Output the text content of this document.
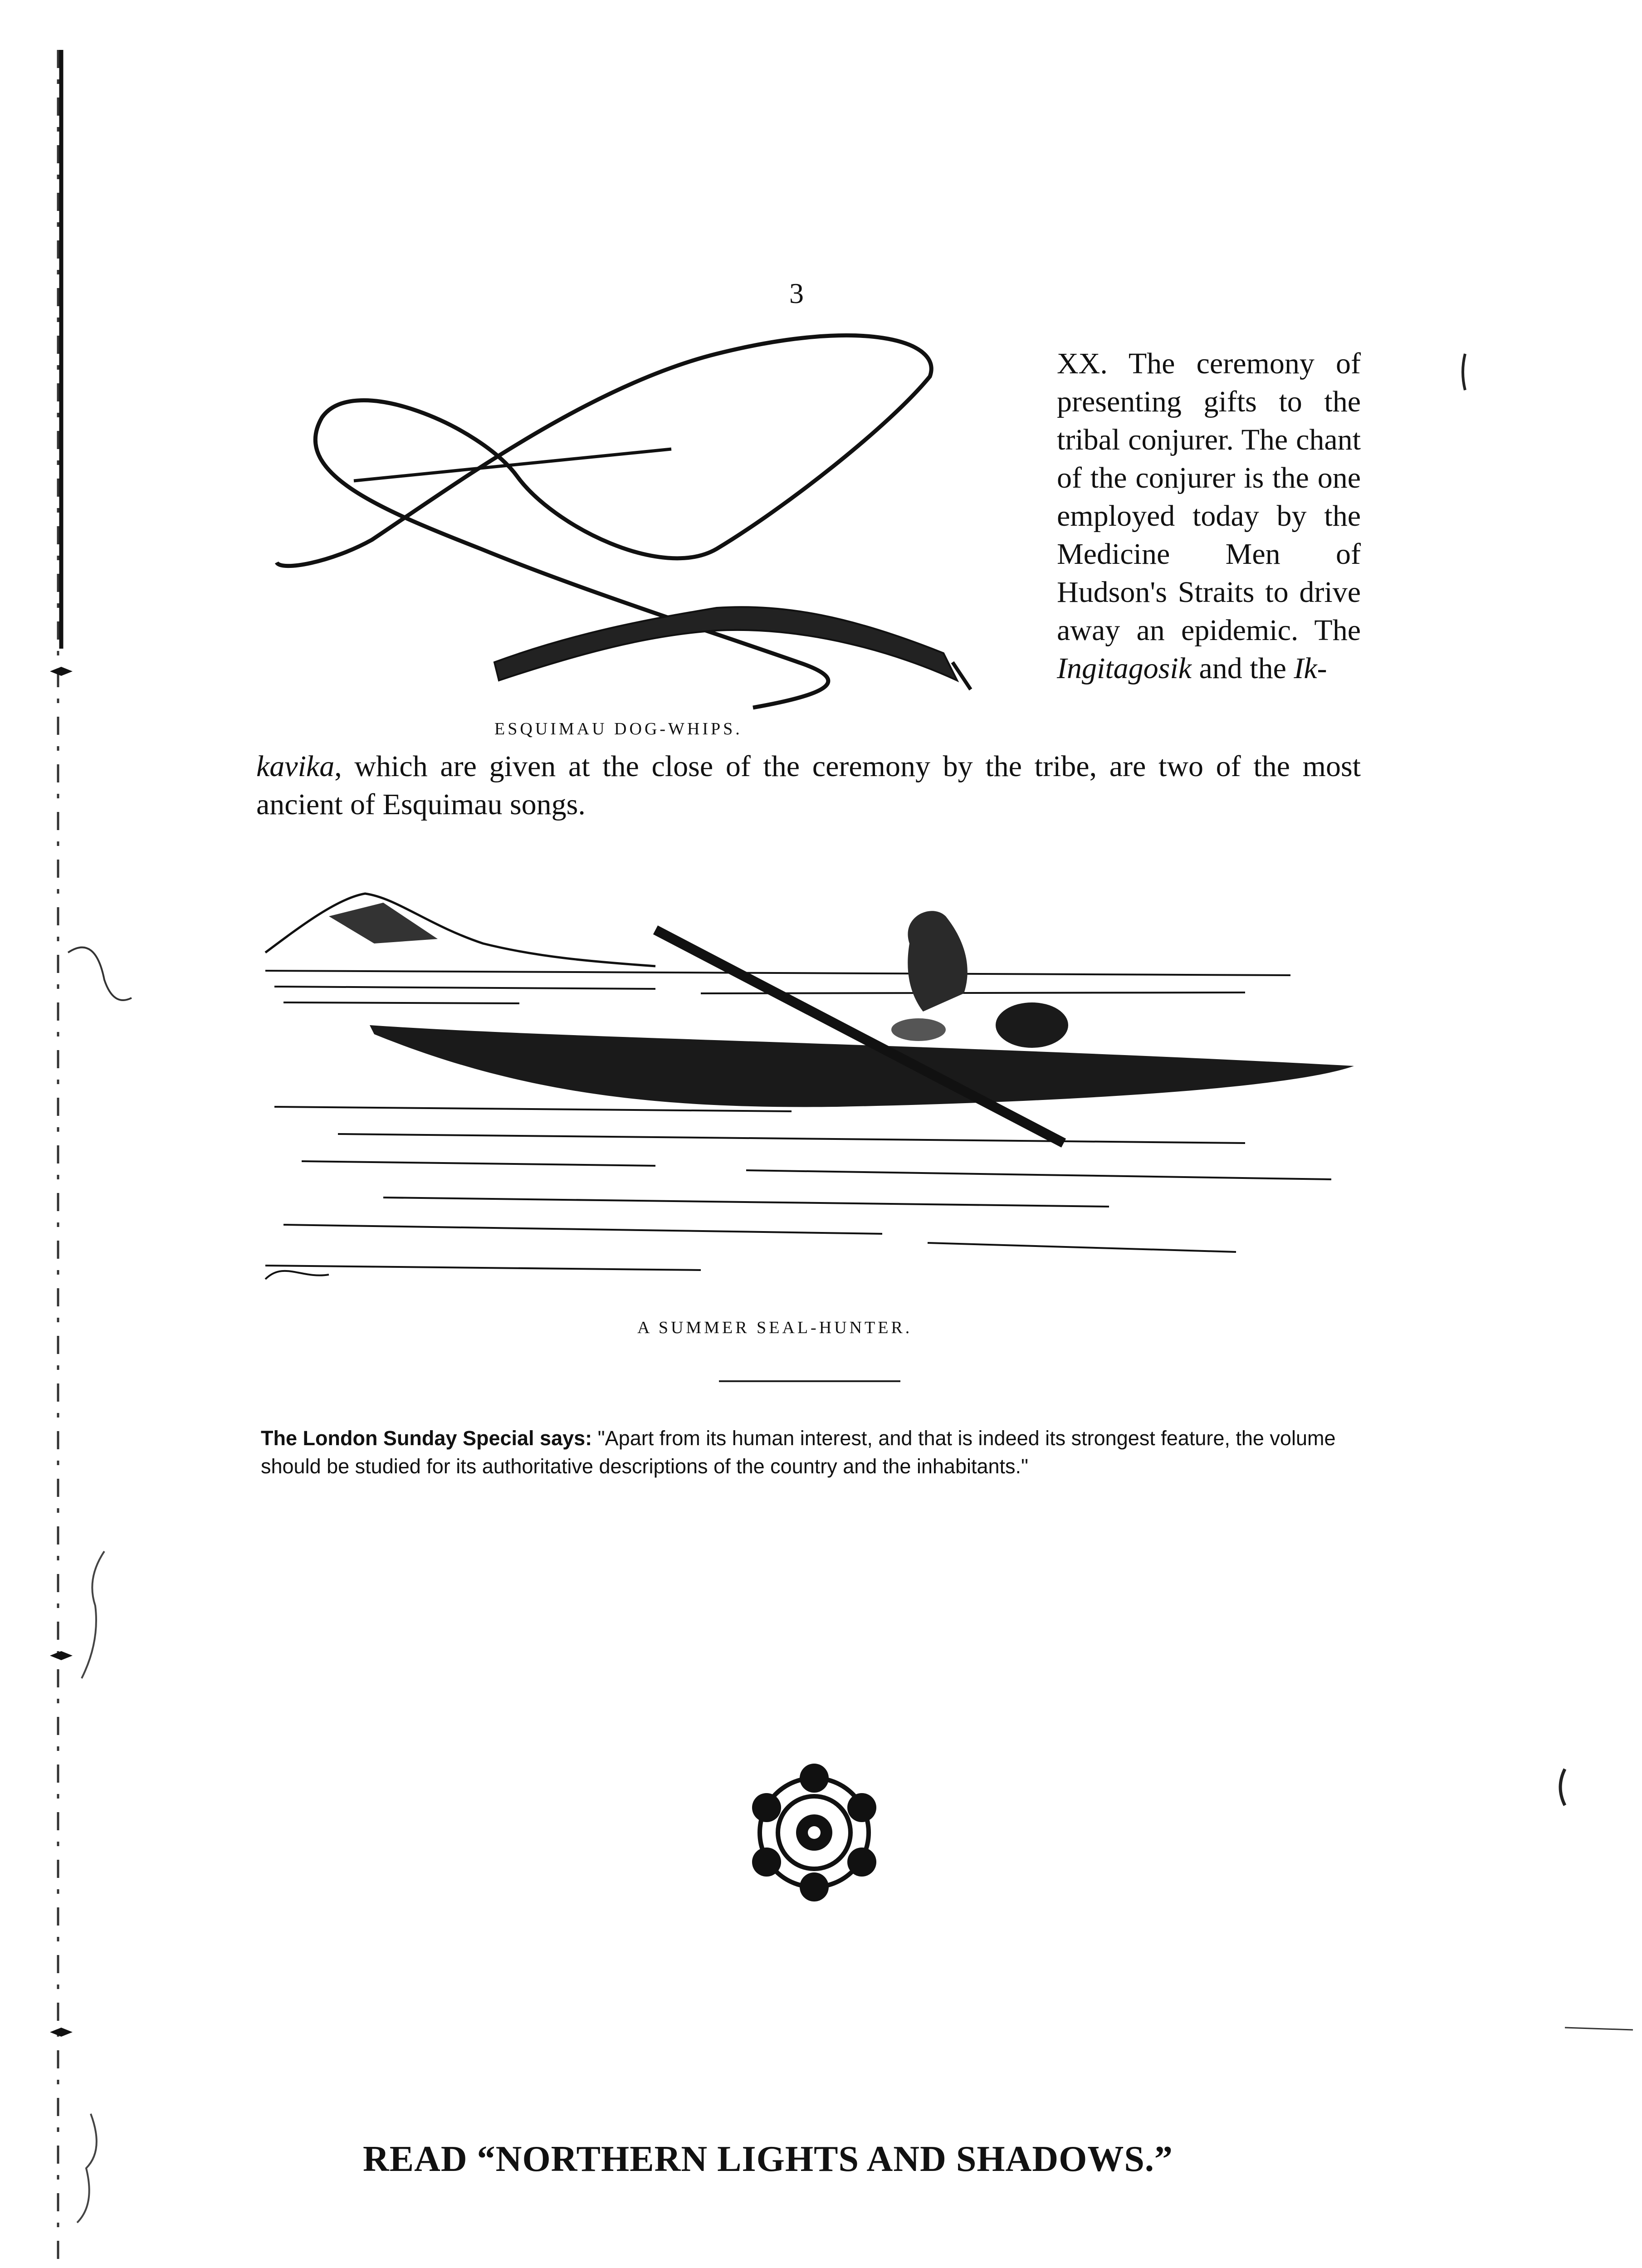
3
ESQUIMAU DOG-WHIPS.

XX. The ceremony of presenting gifts to the tribal conjurer. The chant of the conjurer is the one employed today by the Medicine Men of Hudson's Straits to drive away an epidemic. The Ingitagosik and the Ik-

kavika, which are given at the close of the ceremony by the tribe, are two of the most ancient of Esquimau songs.

A SUMMER SEAL-HUNTER.

The London Sunday Special says: "Apart from its human interest, and that is indeed its strongest feature, the volume should be studied for its authoritative descriptions of the country and the inhabitants."

READ “NORTHERN LIGHTS AND SHADOWS.”
